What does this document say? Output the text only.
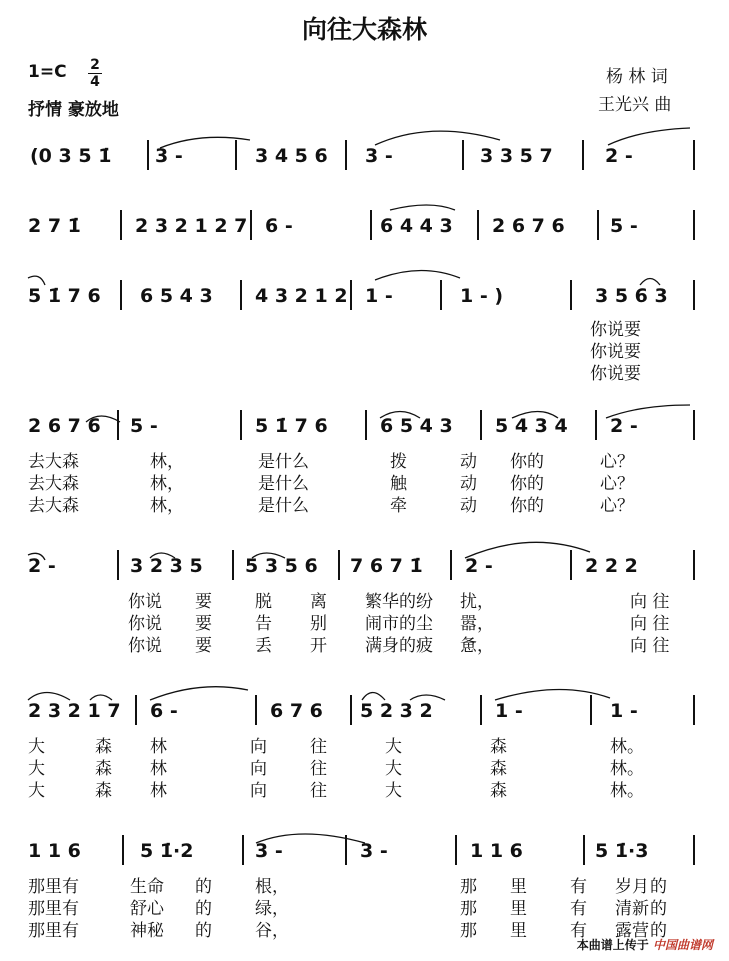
向往大森林
1=C 2
4
抒情 豪放地
杨 林 词
王光兴 曲
(0 3 5 1̇ 3 -	3 4 5 6 3 -	3 3 5 7	2 -
2 7 1̇	2 3 2 1 2 7 6 -	6 4 4 3 2 6 7 6 5 -
5 1̇ 7 6 6 5 4 3 4 3 2 1 2 1 -	1 - )	3 5 6 3
你说要
你说要
你说要
2 6 7 6 5 -	5 1̇ 7 6	6 5 4 3 5 4 3 4 2 -
去大森	林，	是什么	拨	动 你的	心？
去大森	林，	是什么	触	动 你的	心？
去大森	林，	是什么	牵	动 你的	心？
2 -	3 2 3 5 5 3 5 6 7 6 7 1̇ 2 -	2 2 2
你说 要	脱 离 繁华的纷 扰，	向 往
你说 要	告 别 闹市的尘 嚣，	向 往
你说 要	丢 开 满身的疲 惫，	向 往
2 3 2 1 7 6 -	6 7 6 5 2 3 2	1 -	1 -
大	森 林	向	往	大	森	林。
大	森 林	向	往	大	森	林。
大	森 林	向	往	大	森	林。
1 1 6	5 1̇·2	3 -	3 -	1 1 6	5 1̇·3
那里有	生命 的	根，	那 里	有 岁月 的
那里有	舒心 的	绿，	那 里	有 清新 的
那里有	神秘 的	谷，	那 里	有 露营 的
本曲谱上传于 中国曲谱网
